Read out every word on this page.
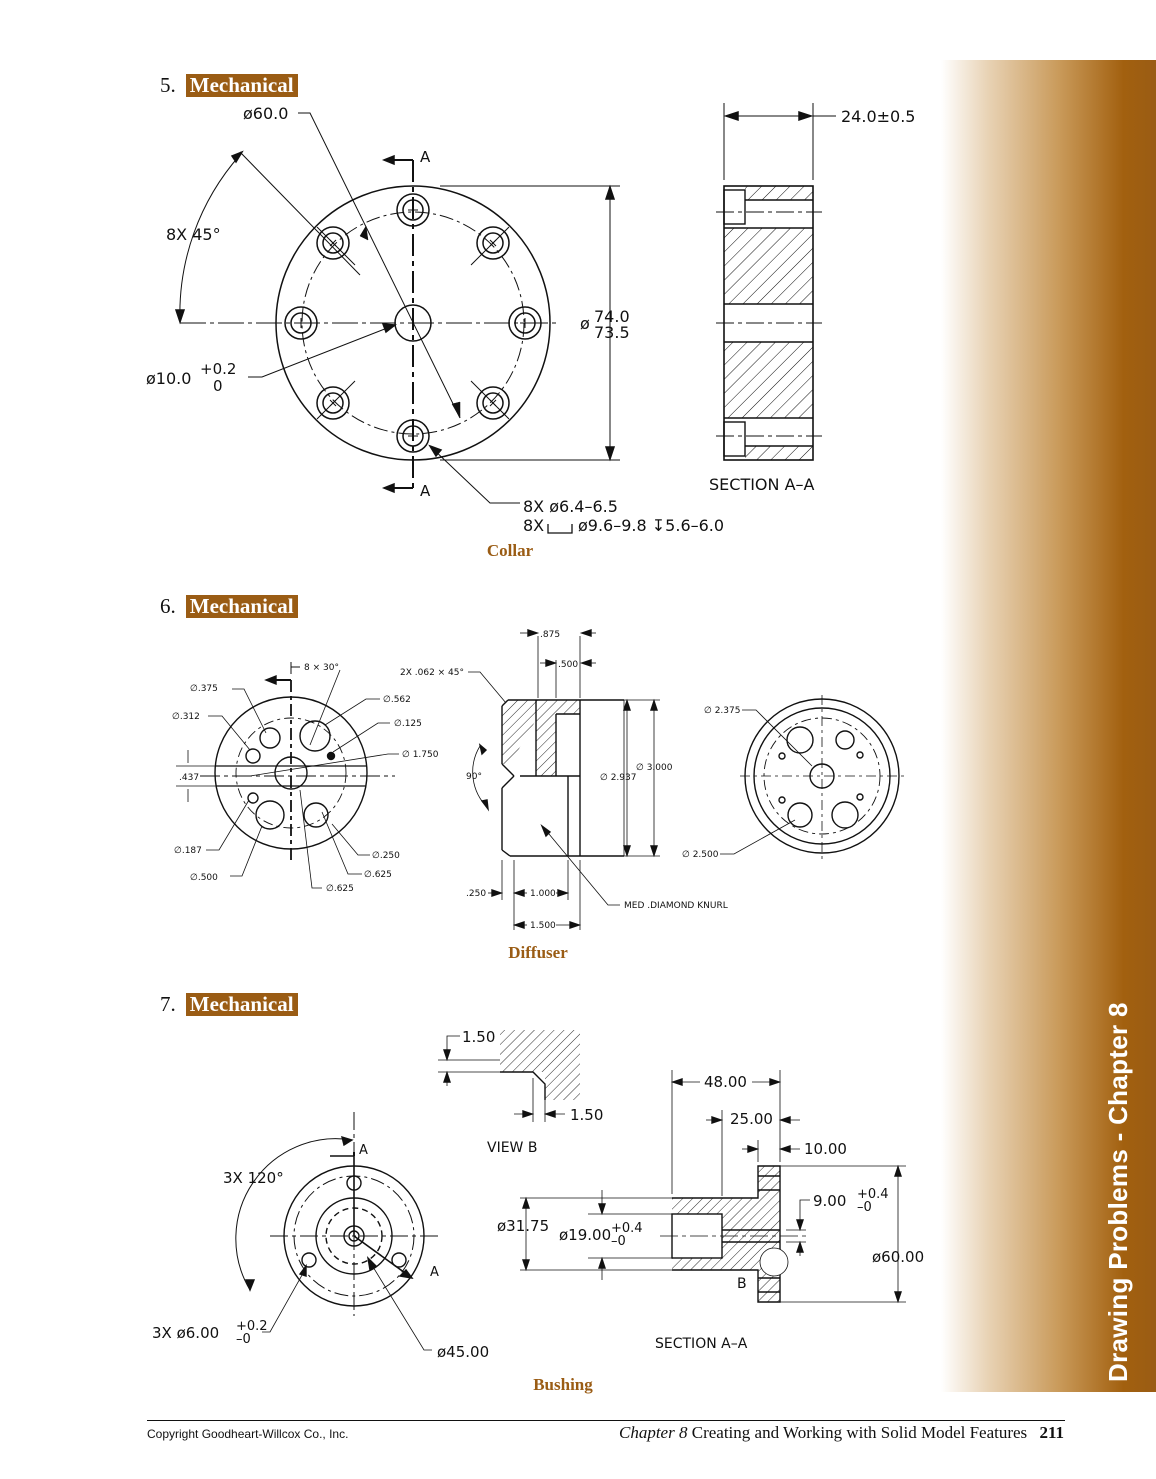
Drawing Problems - Chapter 8
5. Mechanical
ø60.0
8X 45°
ø10.0 +0.2
0
A
A
ø 74.0
73.5
24.0±0.5
SECTION A–A
8X ø6.4–6.5
8X ø9.6–9.8 ↧5.6–6.0
Collar
6. Mechanical
∅.375
∅.312
.437
∅.187
∅.500
8 × 30°
∅.562
∅.125
∅ 1.750
∅.250
∅.625
∅.625
2X .062 × 45°
.875
.500
90°	∅ 2.937
∅ 3.000
.250	1.000
1.500
MED .DIAMOND KNURL
∅ 2.375
∅ 2.500
Diffuser
7. Mechanical
1.50
1.50
VIEW B
3X 120°
A
A
3X ø6.00 +0.2
–0
ø45.00
48.00
25.00
10.00
9.00 +0.4
–0
ø31.75 ø19.00 +0.4
–0
ø60.00
B
SECTION A–A
Bushing
Copyright Goodheart-Willcox Co., Inc.	Chapter 8 Creating and Working with Solid Model Features 211
